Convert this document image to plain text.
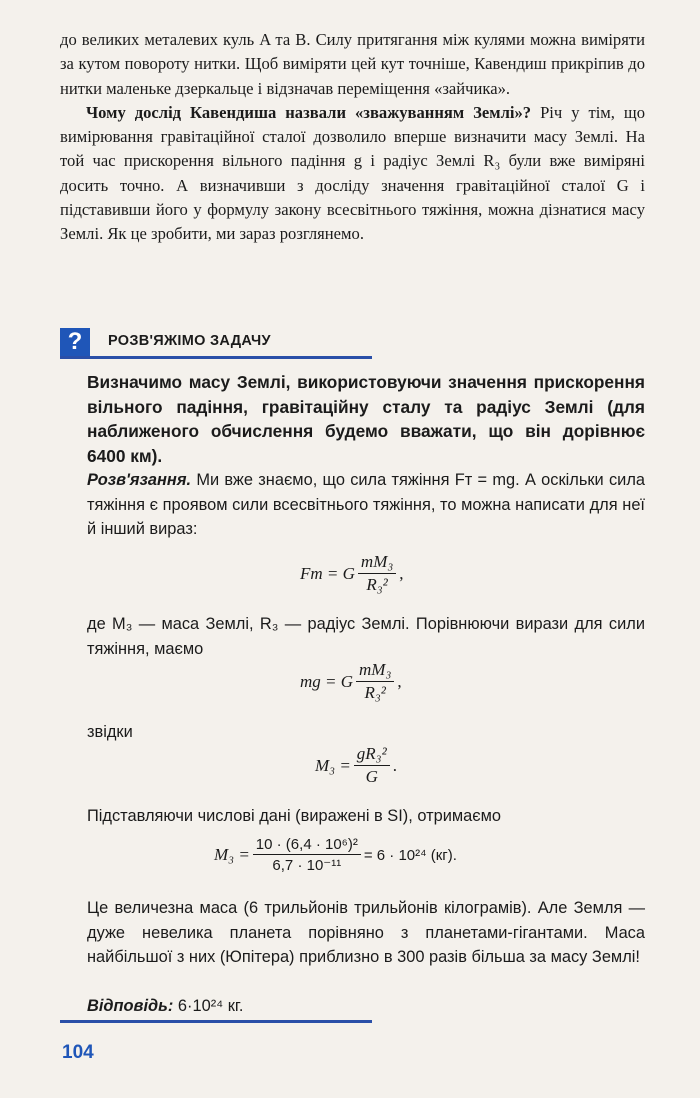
до великих металевих куль A та B. Силу притягання між кулями можна виміряти за кутом повороту нитки. Щоб виміряти цей кут точніше, Кавендиш прикріпив до нитки маленьке дзеркальце і відзначав переміщення «зайчика».

Чому дослід Кавендиша назвали «зважуванням Землі»? Річ у тім, що вимірювання гравітаційної сталої дозволило вперше визначити масу Землі. На той час прискорення вільного падіння g і радіус Землі R₃ були вже виміряні досить точно. А визначивши з досліду значення гравітаційної сталої G і підставивши його у формулу закону всесвітнього тяжіння, можна дізнатися масу Землі. Як це зробити, ми зараз розглянемо.

?	РОЗВ'ЯЖІМО ЗАДАЧУ
Визначимо масу Землі, використовуючи значення прискорення вільного падіння, гравітаційну сталу та радіус Землі (для наближеного обчислення будемо вважати, що він дорівнює 6400 км).
Розв'язання. Ми вже знаємо, що сила тяжіння Fт = mg. А оскільки сила тяжіння є проявом сили всесвітнього тяжіння, то можна написати для неї й інший вираз:
Fт = G $\frac{\text{mM₃}}{\text{R₃²}}$ ,
де M₃ — маса Землі, R₃ — радіус Землі. Порівнюючи вирази для сили тяжіння, маємо
mg = G $\frac{\text{mM₃}}{\text{R₃²}}$ ,
звідки
$M_3 = \frac{\text{gR₃²}}{G}$ .
Підставляючи числові дані (виражені в SI), отримаємо
$M_3 = \frac{\text{10 · (6,4 · 10⁶)²}}{\text{6,7 · 10⁻¹¹}} = 6 \cdot 10^{24}$ (кг).
Це величезна маса (6 трильйонів трильйонів кілограмів). Але Земля — дуже невелика планета порівняно з планетами-гігантами. Маса найбільшої з них (Юпітера) приблизно в 300 разів більша за масу Землі!
Відповідь: 6·10²⁴ кг.
104
